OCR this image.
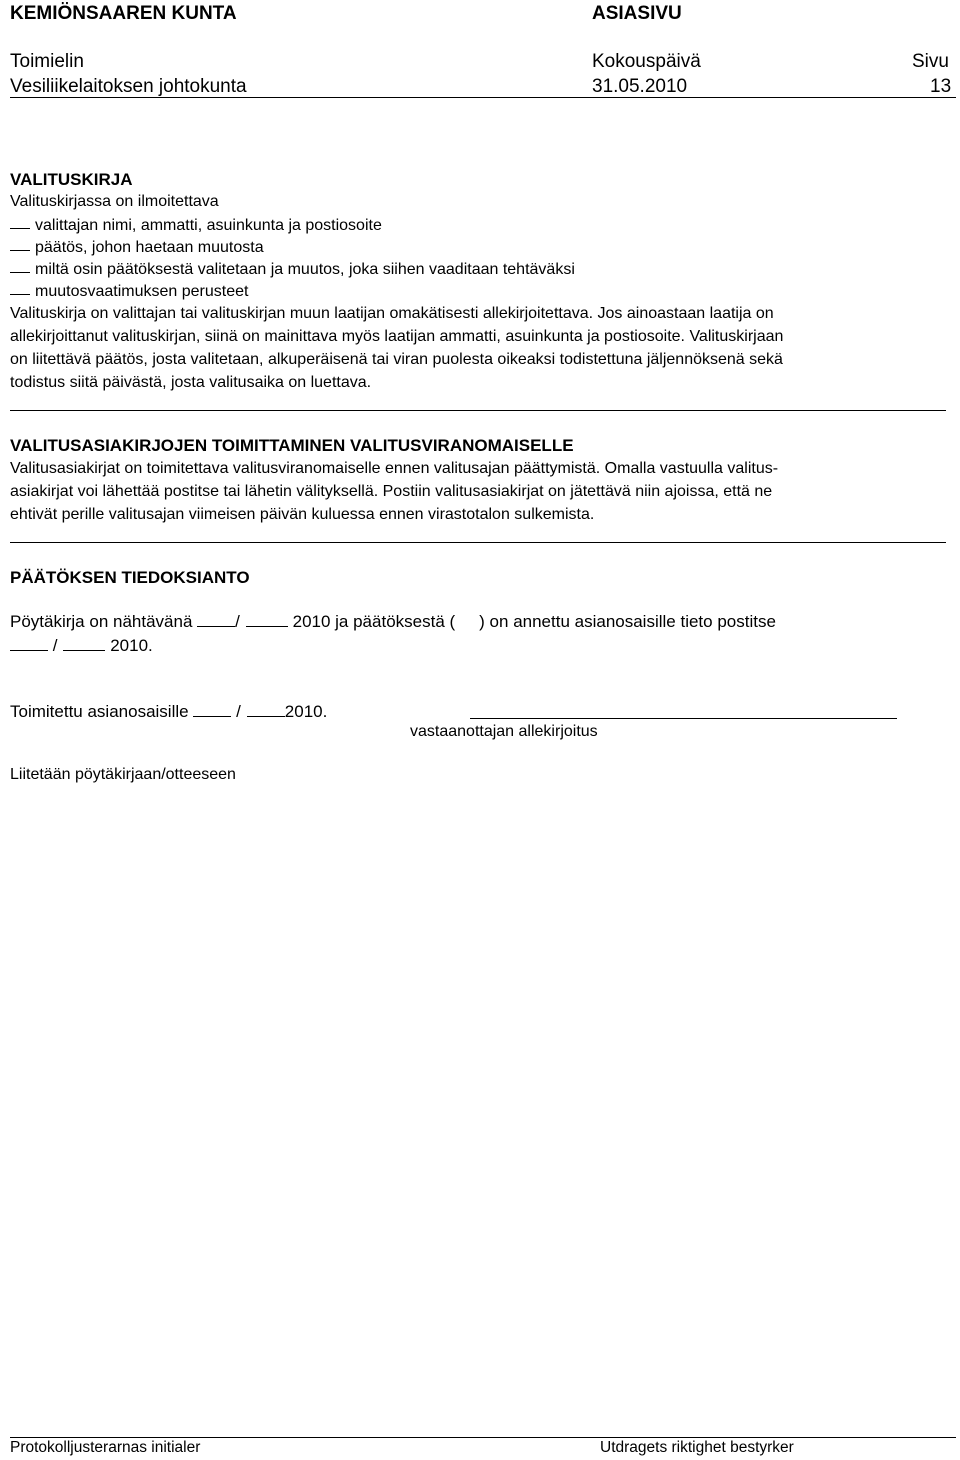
KEMIÖNSAAREN KUNTA	ASIASIVU
Toimielin	Kokouspäivä	Sivu
Vesiliikelaitoksen johtokunta	31.05.2010	13
VALITUSKIRJA
Valituskirjassa on ilmoitettava
valittajan nimi, ammatti, asuinkunta ja postiosoite
päätös, johon haetaan muutosta
miltä osin päätöksestä valitetaan ja muutos, joka siihen vaaditaan tehtäväksi
muutosvaatimuksen perusteet
Valituskirja on valittajan tai valituskirjan muun laatijan omakätisesti allekirjoitettava. Jos ainoastaan laatija on
allekirjoittanut valituskirjan, siinä on mainittava myös laatijan ammatti, asuinkunta ja postiosoite. Valituskirjaan
on liitettävä päätös, josta valitetaan, alkuperäisenä tai viran puolesta oikeaksi todistettuna jäljennöksenä sekä
todistus siitä päivästä, josta valitusaika on luettava.
VALITUSASIAKIRJOJEN TOIMITTAMINEN VALITUSVIRANOMAISELLE
Valitusasiakirjat on toimitettava valitusviranomaiselle ennen valitusajan päättymistä. Omalla vastuulla valitus-
asiakirjat voi lähettää postitse tai lähetin välityksellä. Postiin valitusasiakirjat on jätettävä niin ajoissa, että ne
ehtivät perille valitusajan viimeisen päivän kuluessa ennen virastotalon sulkemista.
PÄÄTÖKSEN TIEDOKSIANTO
Pöytäkirja on nähtävänä	/	2010 ja päätöksestä ( ) on annettu asianosaisille tieto postitse
/	2010.
Toimitettu asianosaisille	/	2010.
vastaanottajan allekirjoitus
Liitetään pöytäkirjaan/otteeseen
Protokolljusterarnas initialer	Utdragets riktighet bestyrker
